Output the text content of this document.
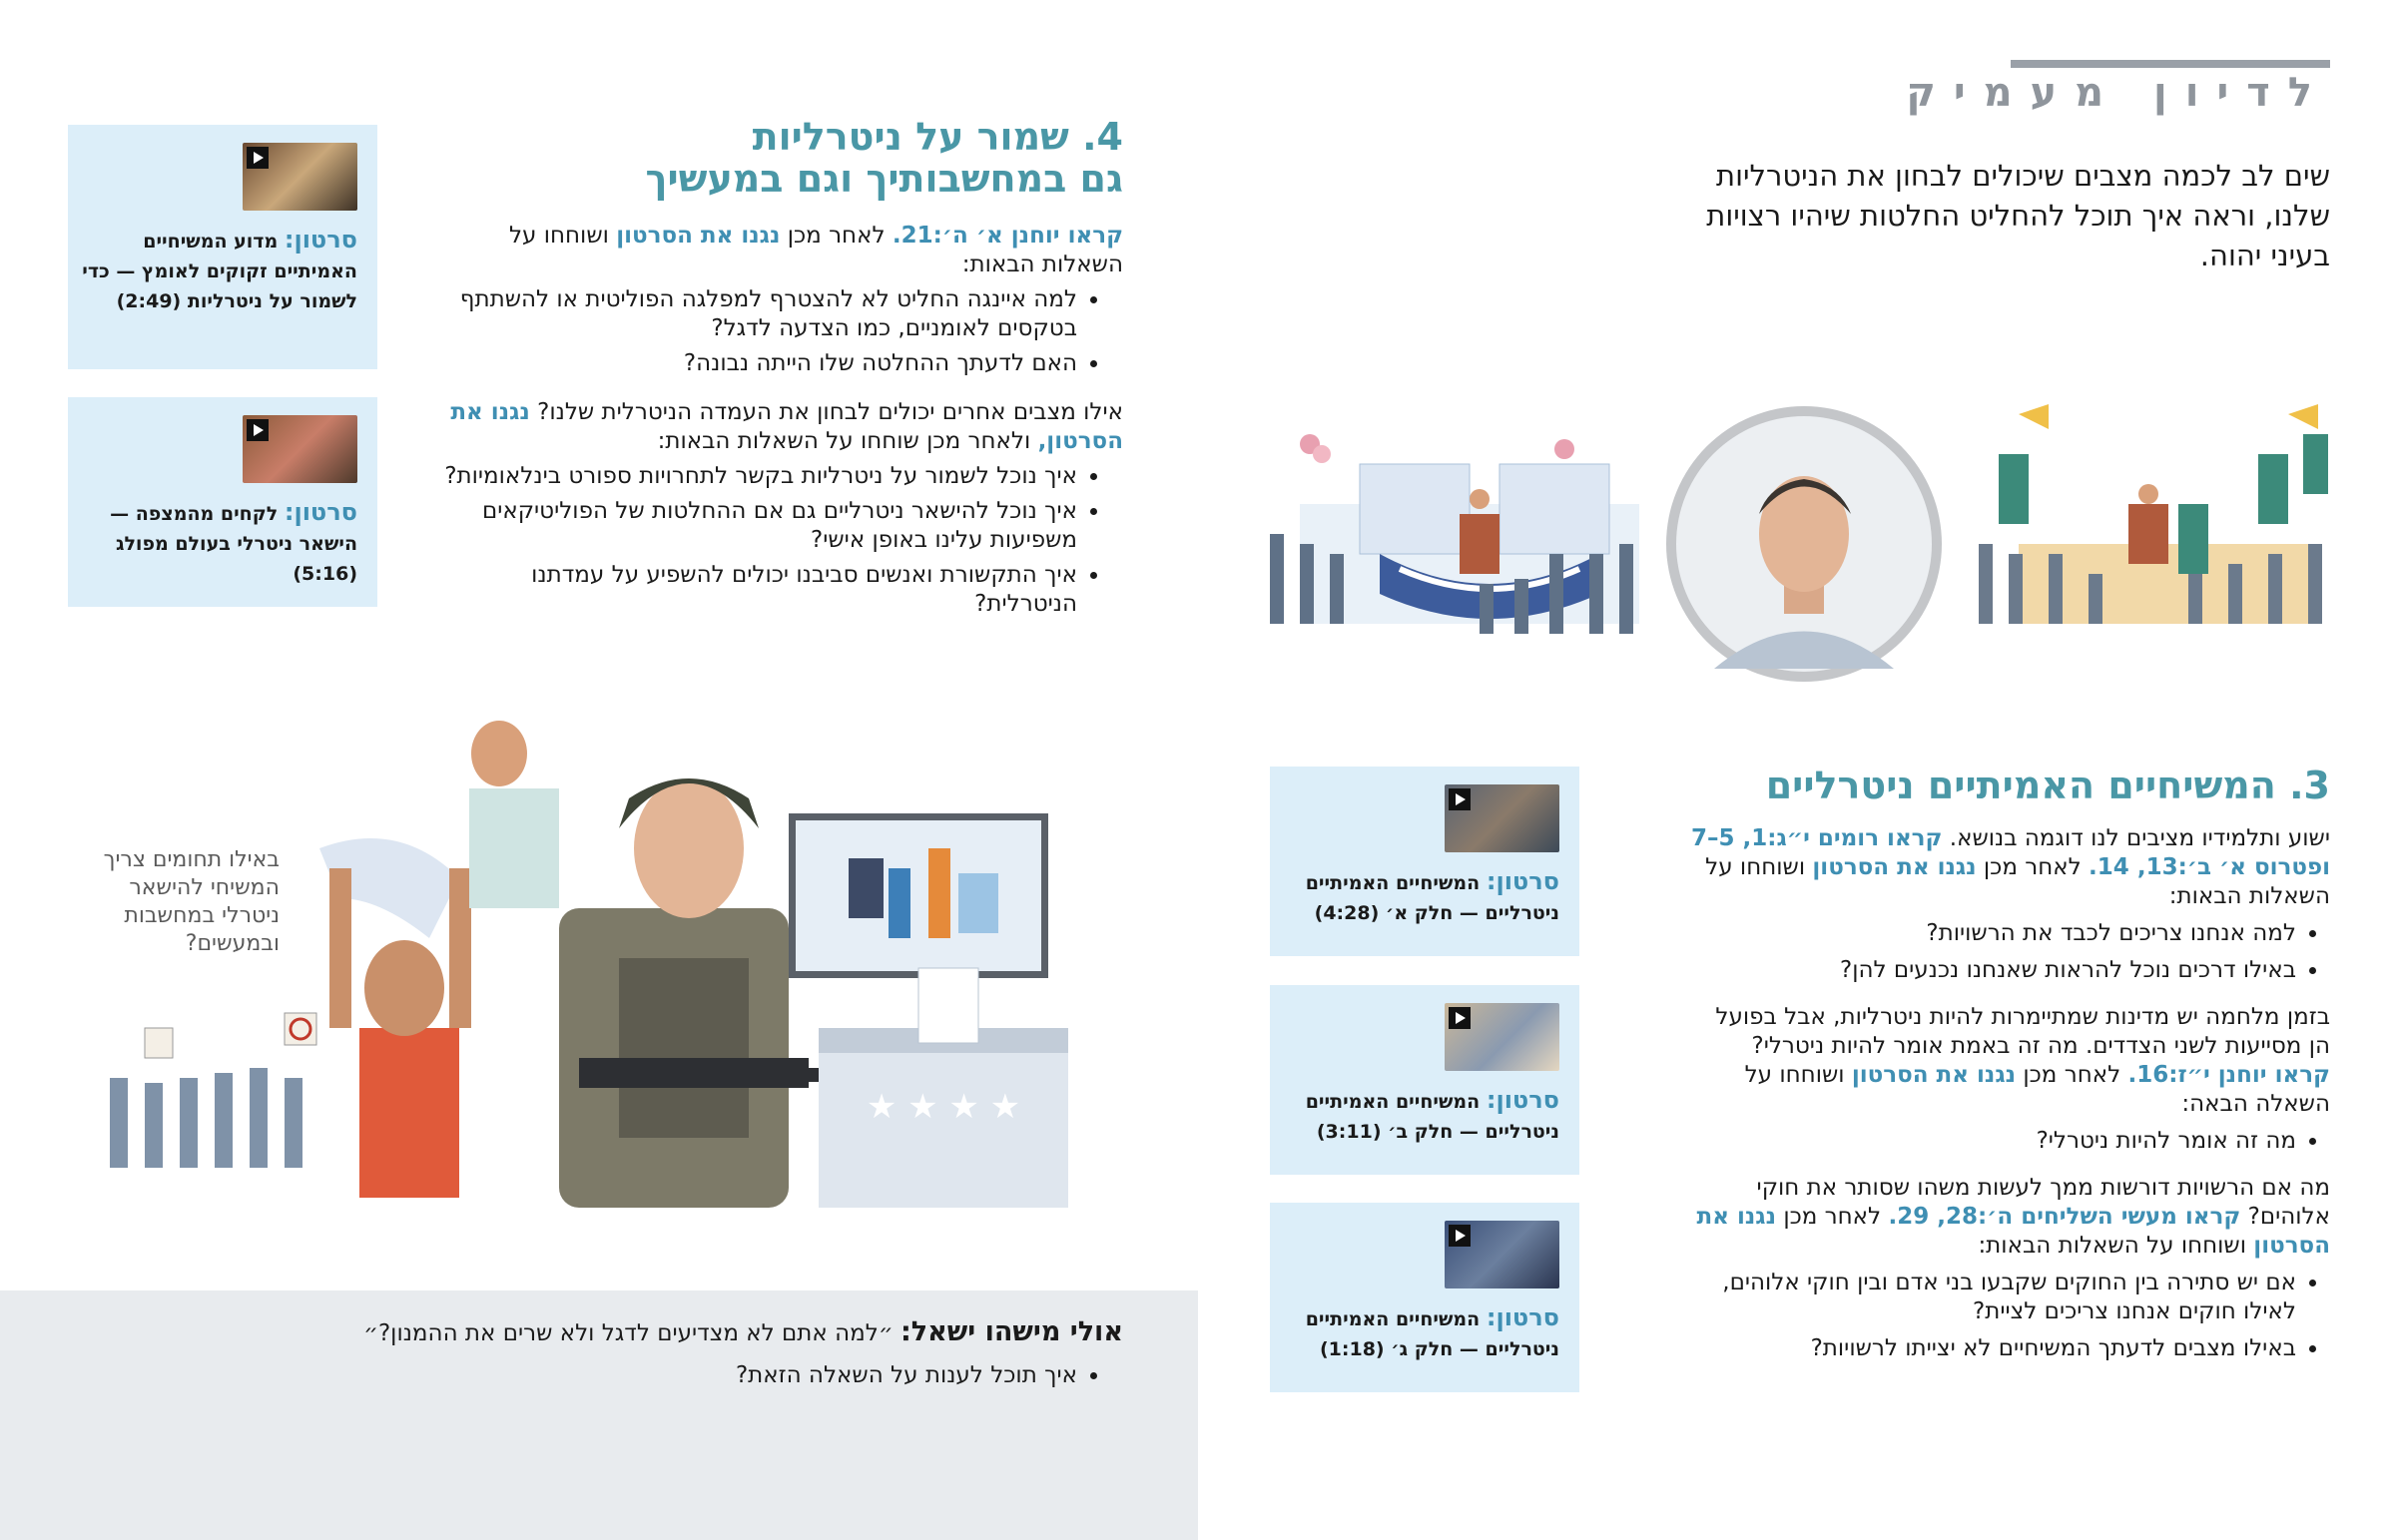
לדיון מעמיק
שים לב לכמה מצבים שיכולים לבחון את הניטרליות שלנו, וראה איך תוכל להחליט החלטות שיהיו רצויות בעיני יהוה.
3. המשיחיים האמיתיים ניטרליים

ישוע ותלמידיו מציבים לנו דוגמה בנושא. קראו רומים י״ג:1, 5–7 ופטרוס א׳ ב׳:13, 14. לאחר מכן נגנו את הסרטון ושוחחו על השאלות הבאות:

• למה אנחנו צריכים לכבד את הרשויות?
• באילו דרכים נוכל להראות שאנחנו נכנעים להן?

בזמן מלחמה יש מדינות שמתיימרות להיות ניטרליות, אבל בפועל הן מסייעות לשני הצדדים. מה זה באמת אומר להיות ניטרלי? קראו יוחנן י״ז:16. לאחר מכן נגנו את הסרטון ושוחחו על השאלה הבאה:

• מה זה אומר להיות ניטרלי?

מה אם הרשויות דורשות ממך לעשות משהו שסותר את חוקי אלוהים? קראו מעשי השליחים ה׳:28, 29. לאחר מכן נגנו את הסרטון ושוחחו על השאלות הבאות:

• אם יש סתירה בין החוקים שקבעו בני אדם ובין חוקי אלוהים, לאילו חוקים אנחנו צריכים לציית?
• באילו מצבים לדעתך המשיחיים לא יצייתו לרשויות?
סרטון: המשיחיים האמיתיים ניטרליים — חלק א׳ (4:28)
סרטון: המשיחיים האמיתיים ניטרליים — חלק ב׳ (3:11)
סרטון: המשיחיים האמיתיים ניטרליים — חלק ג׳ (1:18)
4. שמור על ניטרליות
גם במחשבותיך וגם במעשיך

קראו יוחנן א׳ ה׳:21. לאחר מכן נגנו את הסרטון ושוחחו על השאלות הבאות:

• למה איינגה החליט לא להצטרף למפלגה הפוליטית או להשתתף בטקסים לאומניים, כמו הצדעה לדגל?
• האם לדעתך ההחלטה שלו הייתה נבונה?

אילו מצבים אחרים יכולים לבחון את העמדה הניטרלית שלנו? נגנו את הסרטון, ולאחר מכן שוחחו על השאלות הבאות:

• איך נוכל לשמור על ניטרליות בקשר לתחרויות ספורט בינלאומיות?
• איך נוכל להישאר ניטרליים גם אם ההחלטות של הפוליטיקאים משפיעות עלינו באופן אישי?
• איך התקשורת ואנשים סביבנו יכולים להשפיע על עמדתנו הניטרלית?
סרטון: מדוע המשיחיים האמיתיים זקוקים לאומץ — כדי לשמור על ניטרליות (2:49)
סרטון: לקחים מהמצפה — הישאר ניטרלי בעולם מפולג (5:16)
באילו תחומים צריך המשיחי להישאר ניטרלי במחשבות ובמעשים?
★ ★ ★ ★
אולי מישהו ישאל: ״למה אתם לא מצדיעים לדגל ולא שרים את ההמנון?״
• איך תוכל לענות על השאלה הזאת?
